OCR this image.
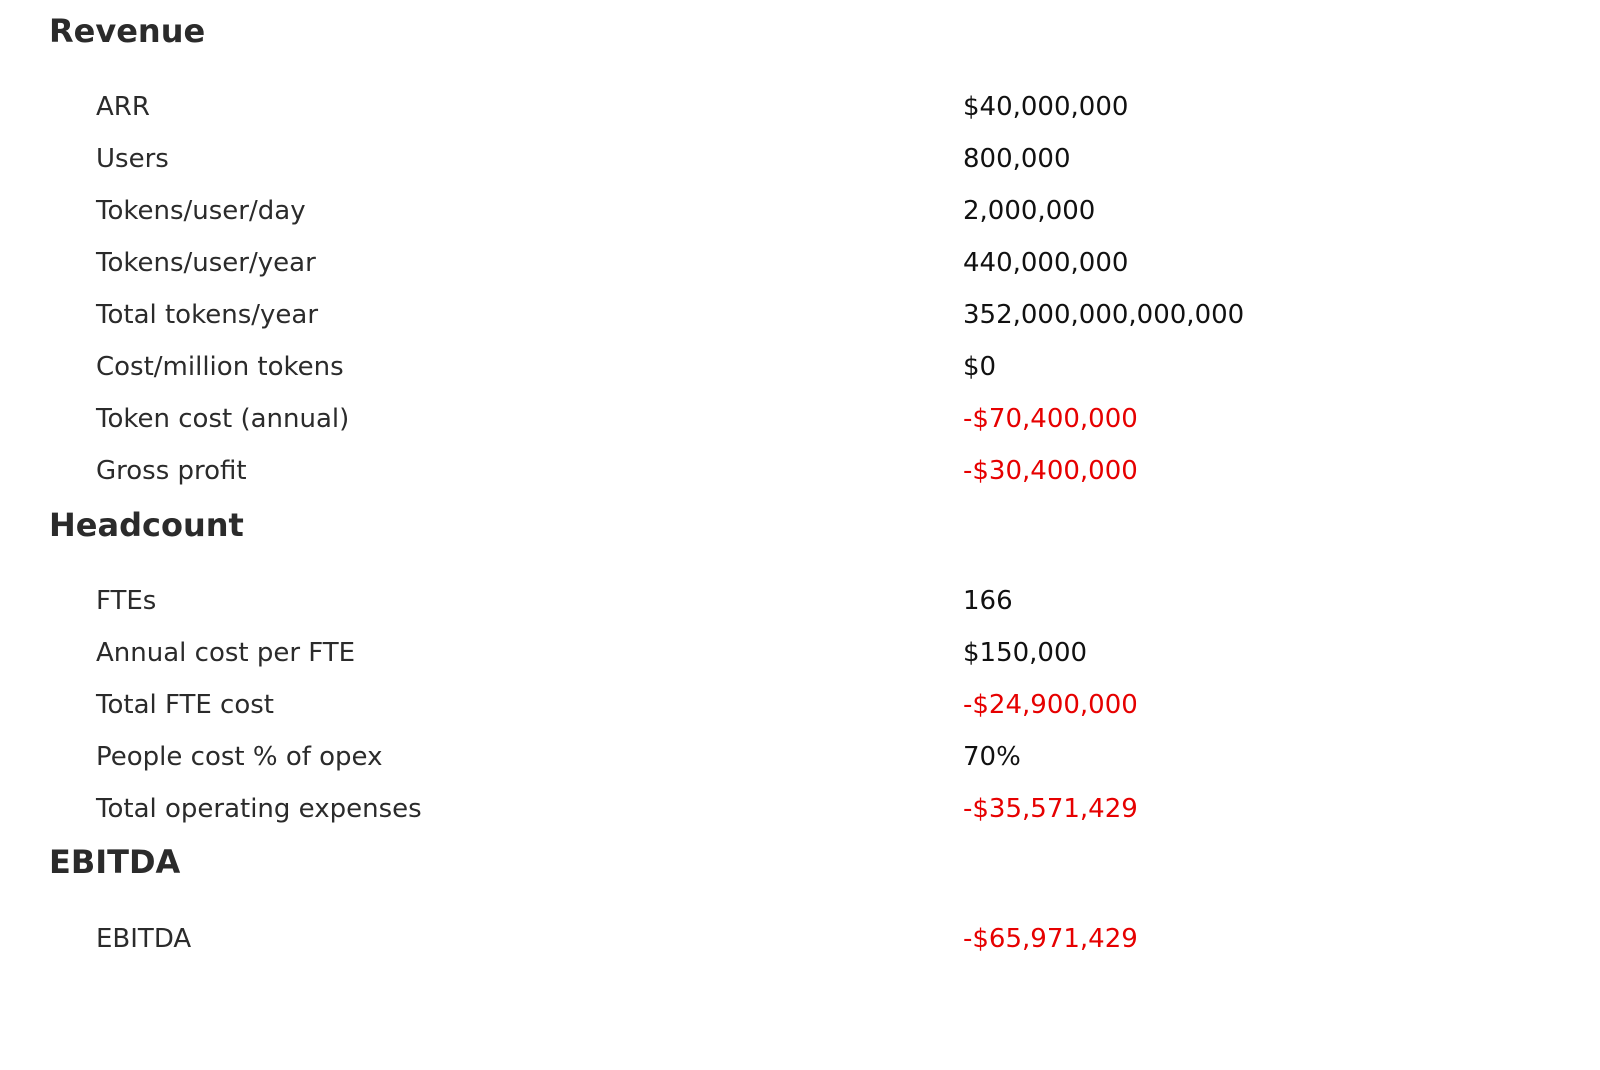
Revenue
ARR	$40,000,000
Users	800,000
Tokens/user/day	2,000,000
Tokens/user/year	440,000,000
Total tokens/year	352,000,000,000,000
Cost/million tokens	$0
Token cost (annual)	-$70,400,000
Gross profit	-$30,400,000
Headcount
FTEs	166
Annual cost per FTE	$150,000
Total FTE cost	-$24,900,000
People cost % of opex	70%
Total operating expenses	-$35,571,429
EBITDA
EBITDA	-$65,971,429
